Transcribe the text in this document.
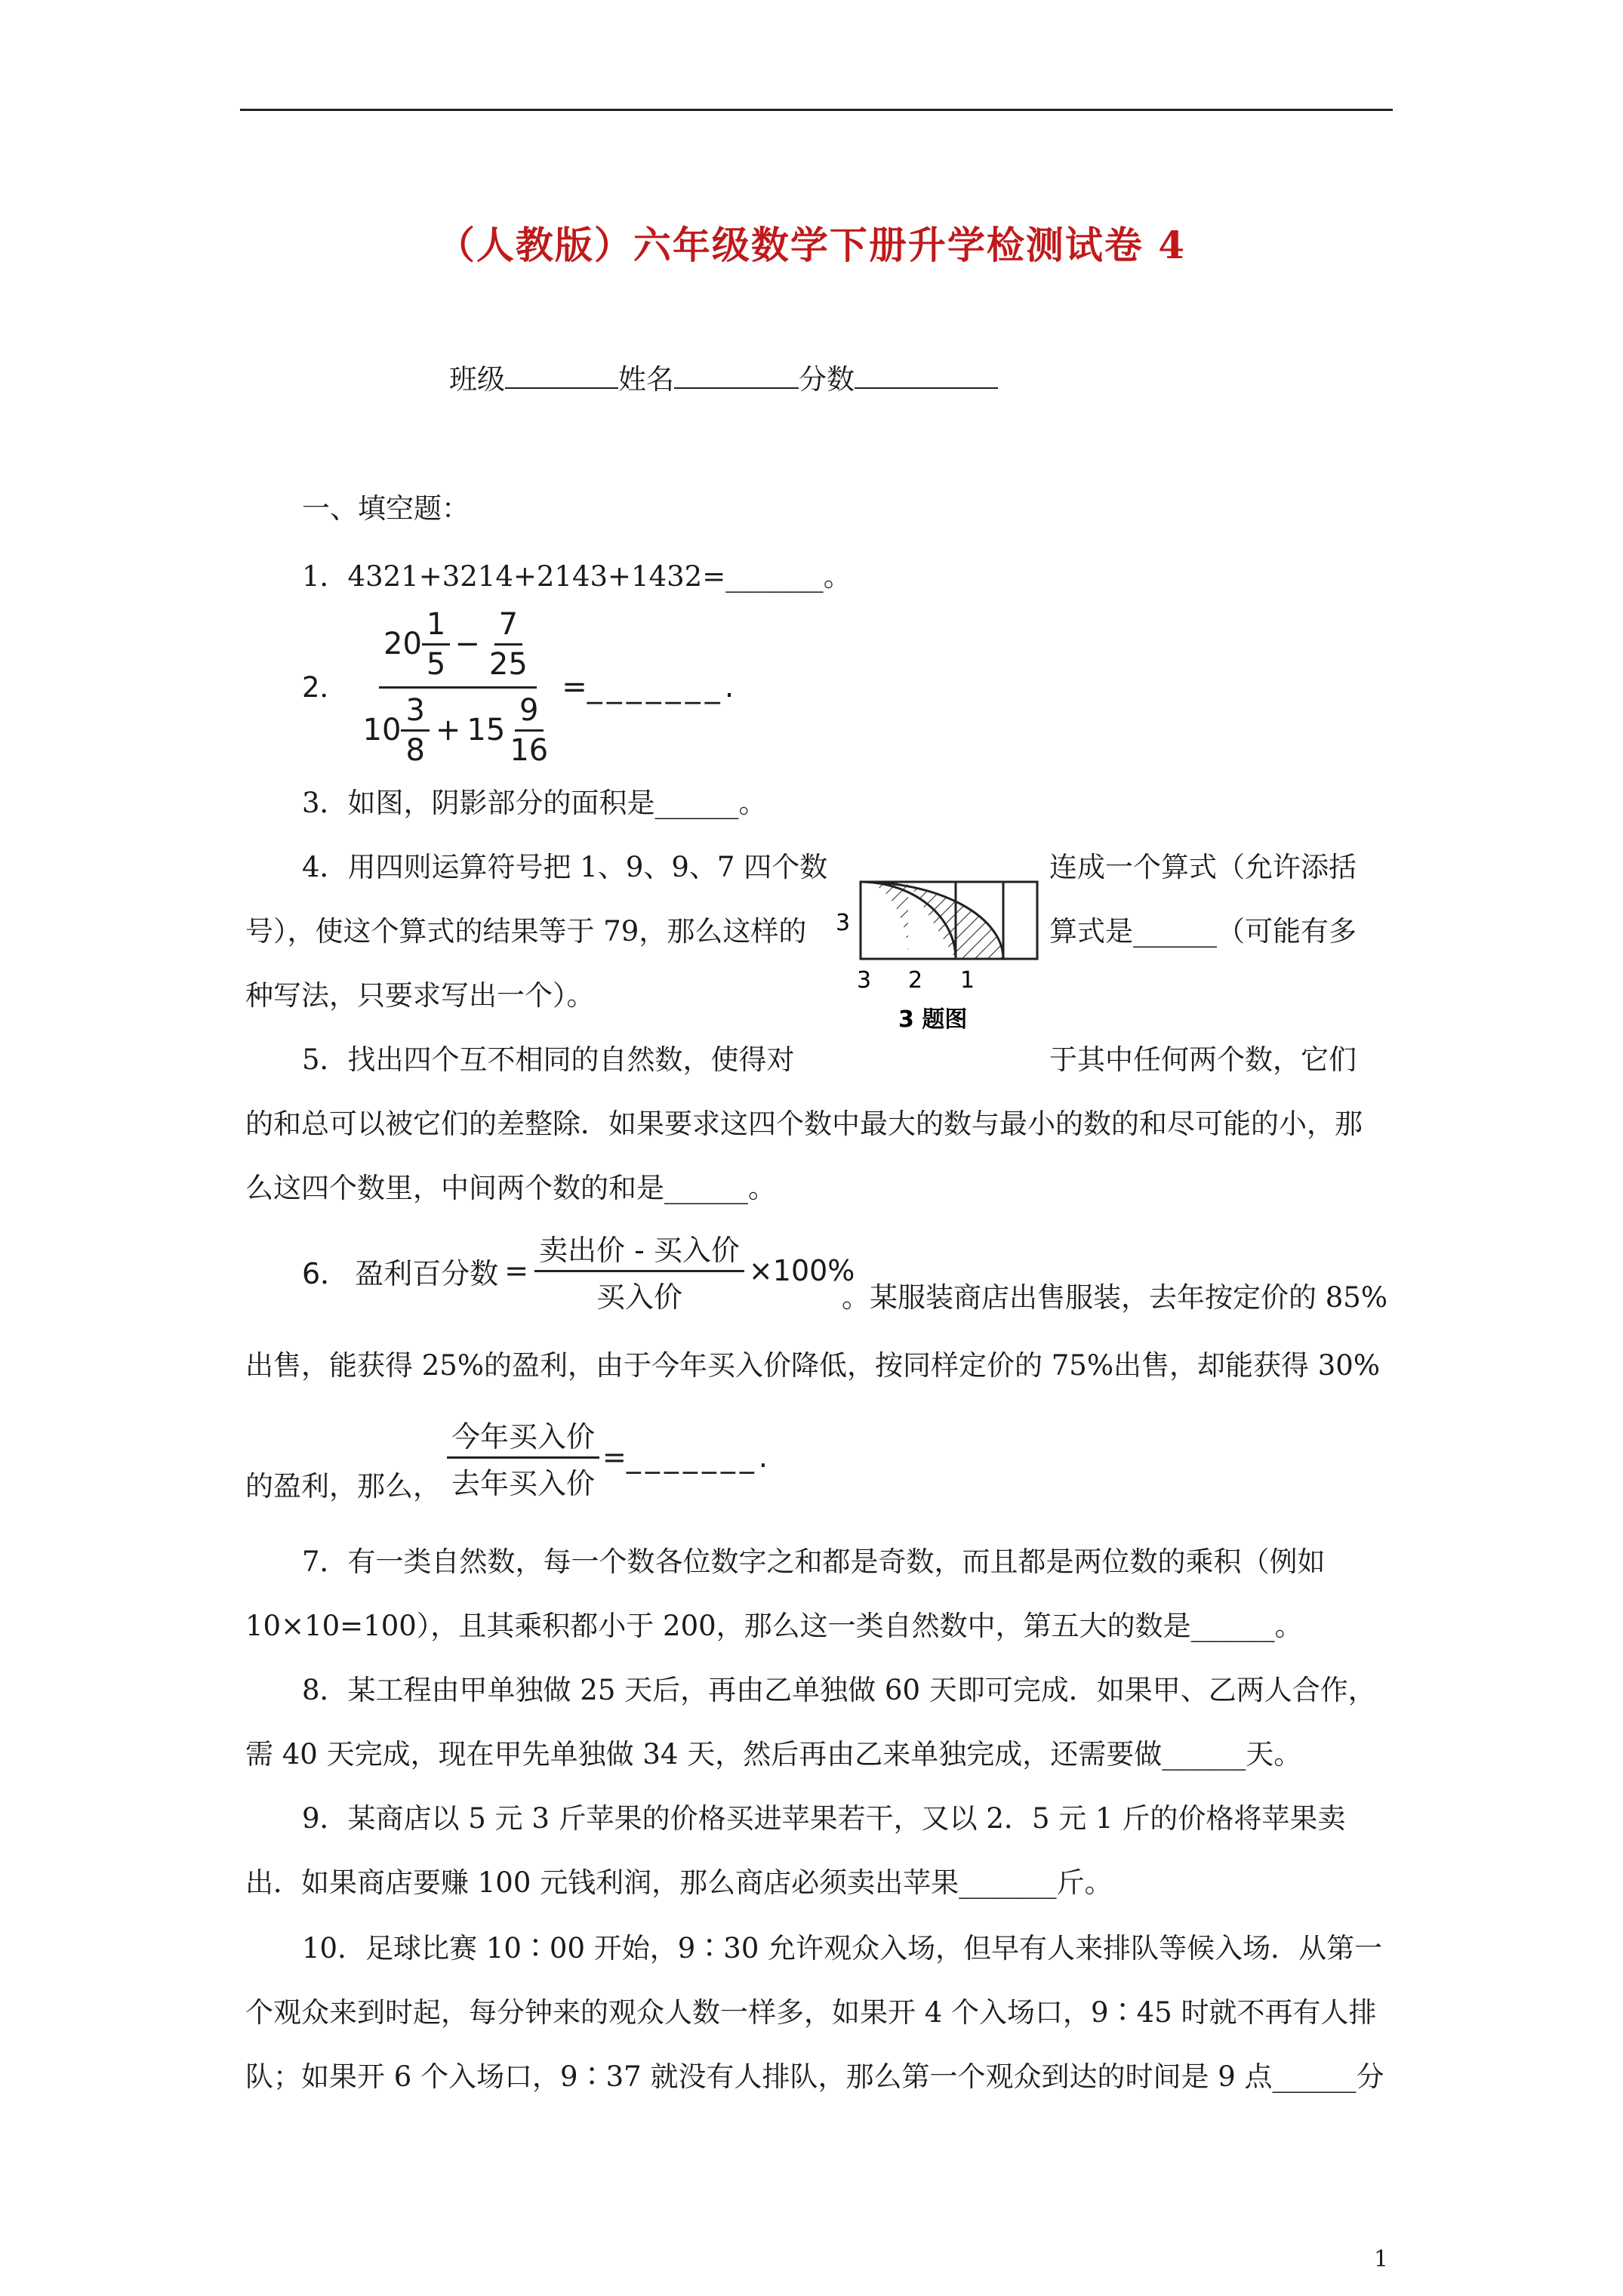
（人教版）六年级数学下册升学检测试卷 4
班级	姓名	分数
一、填空题：
1．4321+3214+2143+1432=_______。
2． $\frac{20 \frac{1}{5} - \frac{7}{25}}{10 \frac{3}{8} + 15 \frac{9}{16}}$ = _______ .
3．如图，阴影部分的面积是______。
4．用四则运算符号把 1、9、9、7 四个数	连成一个算式（允许添括
号），使这个算式的结果等于 79，那么这样的	算式是______（可能有多
种写法，只要求写出一个）。
3
3 2 1
3 题图
5．找出四个互不相同的自然数，使得对	于其中任何两个数，它们
的和总可以被它们的差整除．如果要求这四个数中最大的数与最小的数的和尽可能的小，那
么这四个数里，中间两个数的和是______。
6． 盈利百分数 = $\frac{\text{卖出价 - 买入价}}{\text{买入价}} \times 100\%$
。某服装商店出售服装，去年按定价的 85%
出售，能获得 25%的盈利，由于今年买入价降低，按同样定价的 75%出售，却能获得 30%
的盈利，那么， $\frac{\text{今年买入价}}{\text{去年买入价}}$ = _______ .
7．有一类自然数，每一个数各位数字之和都是奇数，而且都是两位数的乘积（例如
10×10=100），且其乘积都小于 200，那么这一类自然数中，第五大的数是______。
8．某工程由甲单独做 25 天后，再由乙单独做 60 天即可完成．如果甲、乙两人合作，
需 40 天完成，现在甲先单独做 34 天，然后再由乙来单独完成，还需要做______天。
9．某商店以 5 元 3 斤苹果的价格买进苹果若干，又以 2．5 元 1 斤的价格将苹果卖
出．如果商店要赚 100 元钱利润，那么商店必须卖出苹果_______斤。
10．足球比赛 10∶00 开始，9∶30 允许观众入场，但早有人来排队等候入场．从第一
个观众来到时起，每分钟来的观众人数一样多，如果开 4 个入场口，9∶45 时就不再有人排
队；如果开 6 个入场口，9∶37 就没有人排队，那么第一个观众到达的时间是 9 点______分
1
